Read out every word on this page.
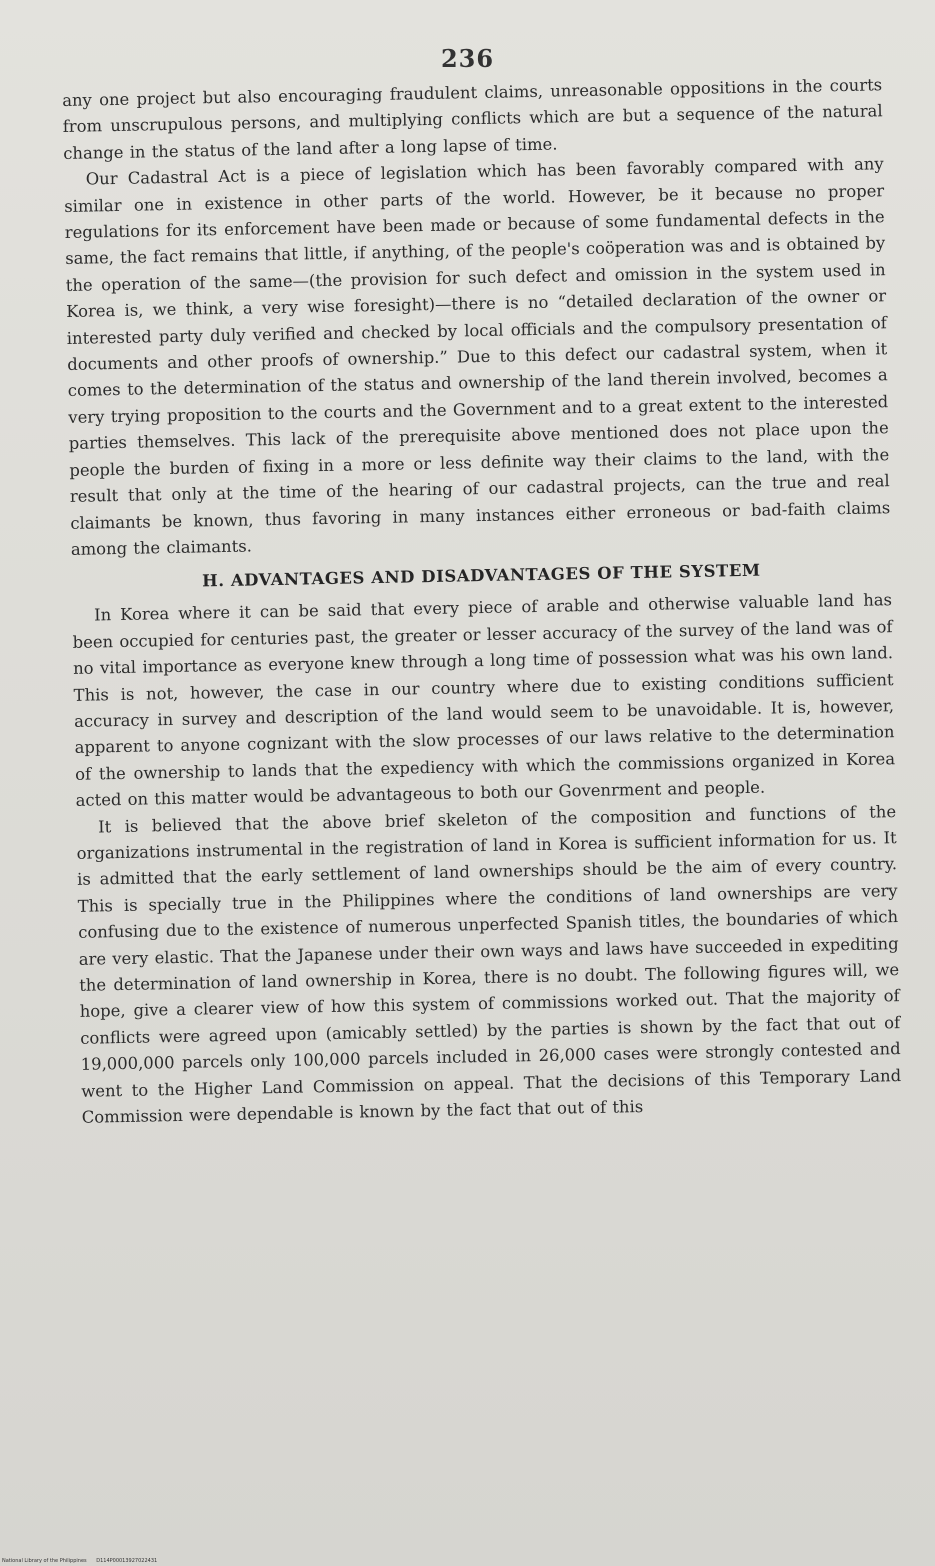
236

any one project but also encouraging fraudulent claims, unreasonable oppositions in the courts from unscrupulous persons, and multiplying conflicts which are but a sequence of the natural change in the status of the land after a long lapse of time.

Our Cadastral Act is a piece of legislation which has been favorably compared with any similar one in existence in other parts of the world. However, be it because no proper regulations for its enforcement have been made or because of some fundamental defects in the same, the fact remains that little, if anything, of the people's coöperation was and is obtained by the operation of the same—(the provision for such defect and omission in the system used in Korea is, we think, a very wise foresight)—there is no “detailed declaration of the owner or interested party duly verified and checked by local officials and the compulsory presentation of documents and other proofs of ownership.” Due to this defect our cadastral system, when it comes to the determination of the status and ownership of the land therein involved, becomes a very trying proposition to the courts and the Government and to a great extent to the interested parties themselves. This lack of the prerequisite above mentioned does not place upon the people the burden of fixing in a more or less definite way their claims to the land, with the result that only at the time of the hearing of our cadastral projects, can the true and real claimants be known, thus favoring in many instances either erroneous or bad-faith claims among the claimants.

H. ADVANTAGES AND DISADVANTAGES OF THE SYSTEM

In Korea where it can be said that every piece of arable and otherwise valuable land has been occupied for centuries past, the greater or lesser accuracy of the survey of the land was of no vital importance as everyone knew through a long time of possession what was his own land. This is not, however, the case in our country where due to existing conditions sufficient accuracy in survey and description of the land would seem to be unavoidable. It is, however, apparent to anyone cognizant with the slow processes of our laws relative to the determination of the ownership to lands that the expediency with which the commissions organized in Korea acted on this matter would be advantageous to both our Govenrment and people.

It is believed that the above brief skeleton of the composition and functions of the organizations instrumental in the registration of land in Korea is sufficient information for us. It is admitted that the early settlement of land ownerships should be the aim of every country. This is specially true in the Philippines where the conditions of land ownerships are very confusing due to the existence of numerous unperfected Spanish titles, the boundaries of which are very elastic. That the Japanese under their own ways and laws have succeeded in expediting the determination of land ownership in Korea, there is no doubt. The following figures will, we hope, give a clearer view of how this system of commissions worked out. That the majority of conflicts were agreed upon (amicably settled) by the parties is shown by the fact that out of 19,000,000 parcels only 100,000 parcels included in 26,000 cases were strongly contested and went to the Higher Land Commission on appeal. That the decisions of this Temporary Land Commission were dependable is known by the fact that out of this

National Library of the Philippines D114P00013927022431
